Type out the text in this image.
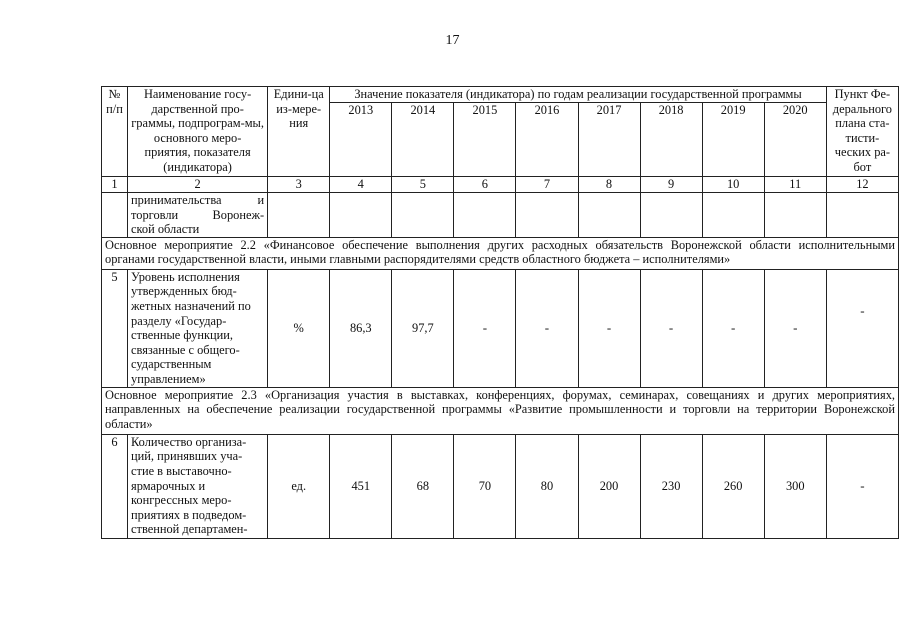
17
№ п/п	Наименование госу-дарственной про-граммы, подпрограм-мы, основного меро-приятия, показателя (индикатора)	Едини-ца из-мере-ния	Значение показателя (индикатора) по годам реализации государственной программы								Пункт Фе-дерального плана ста-тисти-ческих ра-бот
			2013	2014	2015	2016	2017	2018	2019	2020	
1	2	3	4	5	6	7	8	9	10	11	12

	принимательства и
торговли Воронеж-
ской области										

Основное мероприятие 2.2 «Финансовое обеспечение выполнения других расходных обязательств Воронежской области исполнительными органами государственной власти, иными главными распорядителями средств областного бюджета – исполнителями»											
5	Уровень исполнения утвержденных бюд- жетных назначений по разделу «Государ- ственные функции, связанные с общего- сударственным управлением»	%	86,3	97,7	-	-	-	-	-	-	-
Основное мероприятие 2.3 «Организация участия в выставках, конференциях, форумах, семинарах, совещаниях и других мероприятиях, направленных на обеспечение реализации государственной программы «Развитие промышленности и торговли на территории Воронежской области»											
6	Количество организа- ций, принявших уча- стие в выставочно- ярмарочных и конгрессных меро- приятиях в подведом- ственной департамен-	ед.	451	68	70	80	200	230	260	300	-
